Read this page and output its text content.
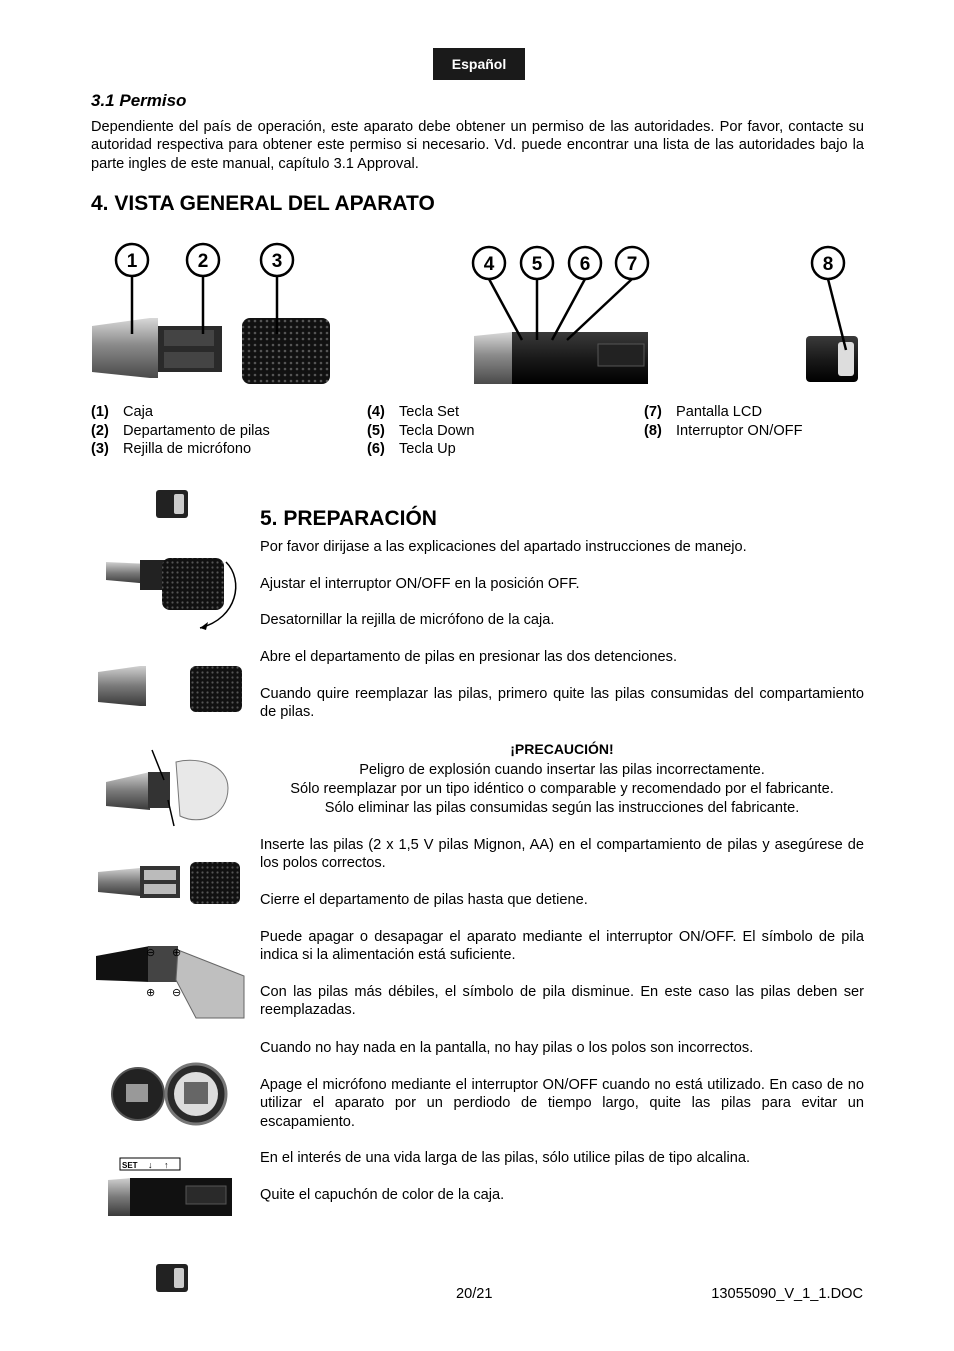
Español
3.1 Permiso
Dependiente del país de operación, este aparato debe obtener un permiso de las autoridades. Por favor, contacte su autoridad respectiva para obtener este permiso si necesario. Vd. puede encontrar una lista de las autoridades bajo la parte ingles de este manual, capítulo 3.1 Approval.
4. VISTA GENERAL DEL APARATO
1	2	3	4 5 6 7	8
(1) Caja
(2) Departamento de pilas
(3) Rejilla de micrófono
(4) Tecla Set
(5) Tecla Down
(6) Tecla Up
(7) Pantalla LCD
(8) Interruptor ON/OFF
⊖ ⊕
⊕ ⊖
SET ↓ ↑
5. PREPARACIÓN
Por favor dirijase a las explicaciones del apartado instrucciones de manejo.
Ajustar el interruptor ON/OFF en la posición OFF.
Desatornillar la rejilla de micrófono de la caja.
Abre el departamento de pilas en presionar las dos detenciones.
Cuando quire reemplazar las pilas, primero quite las pilas consumidas del compartamiento de pilas.
¡PRECAUCIÓN!
Peligro de explosión cuando insertar las pilas incorrectamente.
Sólo reemplazar por un tipo idéntico o comparable y recomendado por el fabricante.
Sólo eliminar las pilas consumidas según las instrucciones del fabricante.
Inserte las pilas (2 x 1,5 V pilas Mignon, AA) en el compartamiento de pilas y asegúrese de los polos correctos.
Cierre el departamento de pilas hasta que detiene.
Puede apagar o desapagar el aparato mediante el interruptor ON/OFF. El símbolo de pila indica si la alimentación está suficiente.
Con las pilas más débiles, el símbolo de pila disminue. En este caso las pilas deben ser reemplazadas.
Cuando no hay nada en la pantalla, no hay pilas o los polos son incorrectos.
Apage el micrófono mediante el interruptor ON/OFF cuando no está utilizado. En caso de no utilizar el aparato por un perdiodo de tiempo largo, quite las pilas para evitar un escapamiento.
En el interés de una vida larga de las pilas, sólo utilice pilas de tipo alcalina.
Quite el capuchón de color de la caja.
20/21	13055090_V_1_1.DOC
